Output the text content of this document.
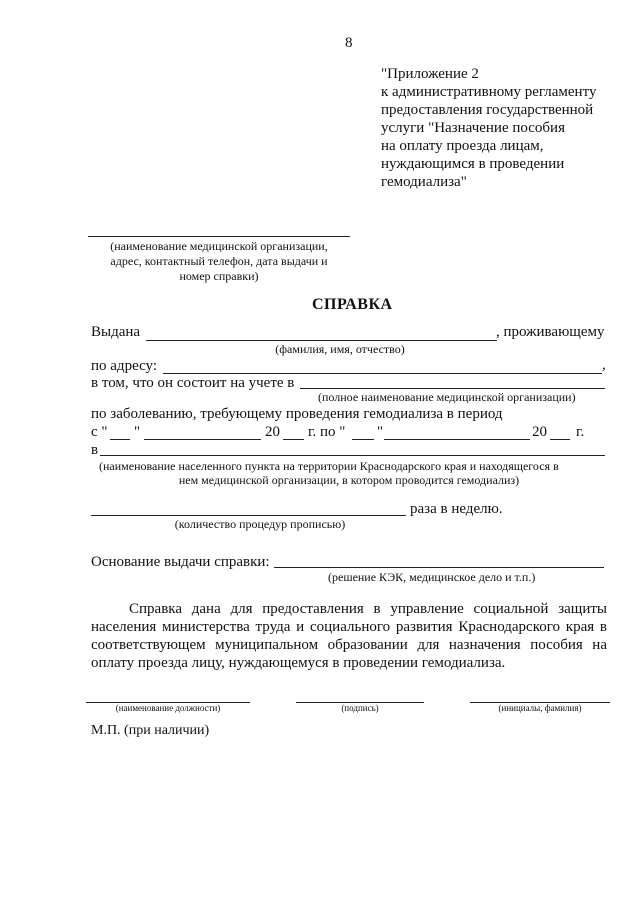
8
"Приложение 2
к административному регламенту
предоставления государственной
услуги "Назначение пособия
на оплату проезда лицам,
нуждающимся в проведении
гемодиализа"
(наименование медицинской организации,
адрес, контактный телефон, дата выдачи и
номер справки)
СПРАВКА
Выдана	, проживающему
(фамилия, имя, отчество)
по адресу:	,
в том, что он состоит на учете в
(полное наименование медицинской организации)
по заболеванию, требующему проведения гемодиализа в период
с " "	20 г. по " "	20 г.
в
(наименование населенного пункта на территории Краснодарского края и находящегося в
нем медицинской организации, в котором проводится гемодиализ)
раза в неделю.
(количество процедур прописью)
Основание выдачи справки:
(решение КЭК, медицинское дело и т.п.)
Справка дана для предоставления в управление социальной защиты населения министерства труда и социального развития Краснодарского края в соответствующем муниципальном образовании для назначения пособия на оплату проезда лицу, нуждающемуся в проведении гемодиализа.
(наименование должности)	(подпись)	(инициалы, фамилия)
М.П. (при наличии)
